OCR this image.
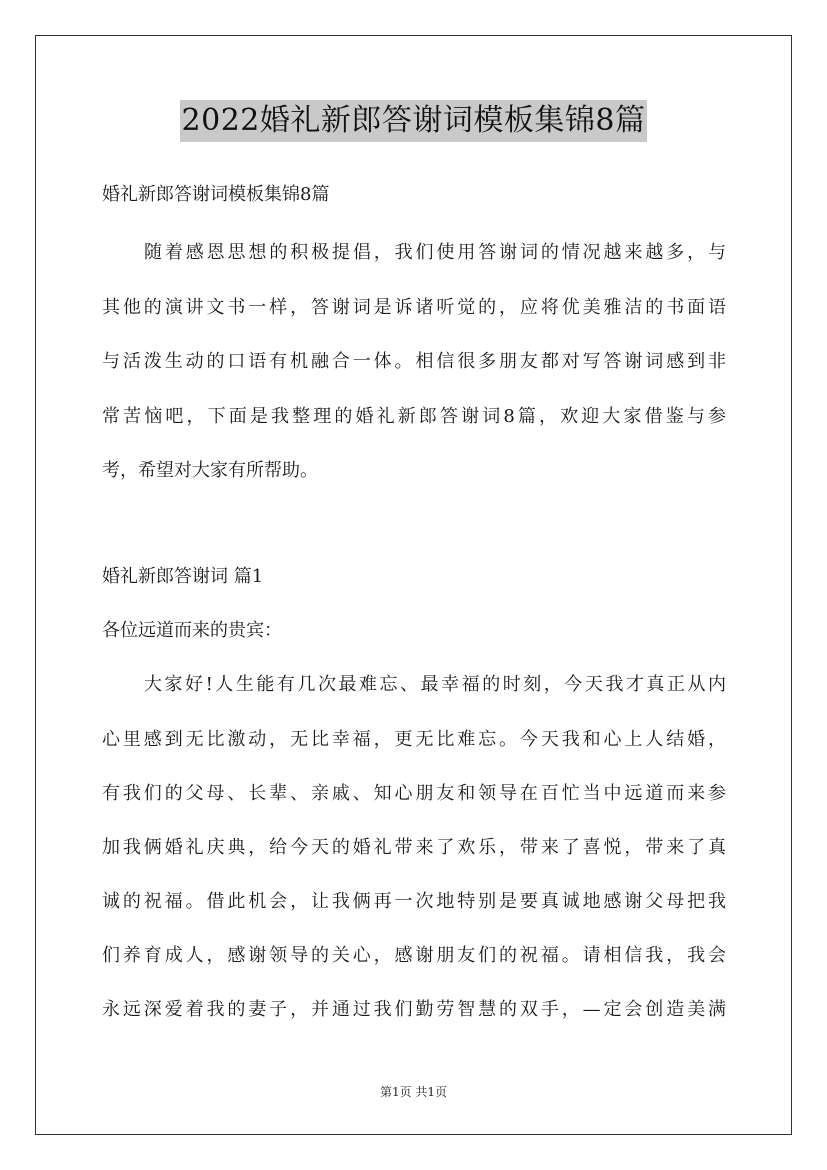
2022婚礼新郎答谢词模板集锦8篇
婚礼新郎答谢词模板集锦8篇
随着感恩思想的积极提倡，我们使用答谢词的情况越来越多，与
其他的演讲文书一样，答谢词是诉诸听觉的，应将优美雅洁的书面语
与活泼生动的口语有机融合一体。相信很多朋友都对写答谢词感到非
常苦恼吧，下面是我整理的婚礼新郎答谢词8篇，欢迎大家借鉴与参
考，希望对大家有所帮助。
婚礼新郎答谢词 篇1
各位远道而来的贵宾：
大家好!人生能有几次最难忘、最幸福的时刻，今天我才真正从内
心里感到无比激动，无比幸福，更无比难忘。今天我和心上人结婚，
有我们的父母、长辈、亲戚、知心朋友和领导在百忙当中远道而来参
加我俩婚礼庆典，给今天的婚礼带来了欢乐，带来了喜悦，带来了真
诚的祝福。借此机会，让我俩再一次地特别是要真诚地感谢父母把我
们养育成人，感谢领导的关心，感谢朋友们的祝福。请相信我，我会
永远深爱着我的妻子，并通过我们勤劳智慧的双手，—定会创造美满
第1页 共1页
